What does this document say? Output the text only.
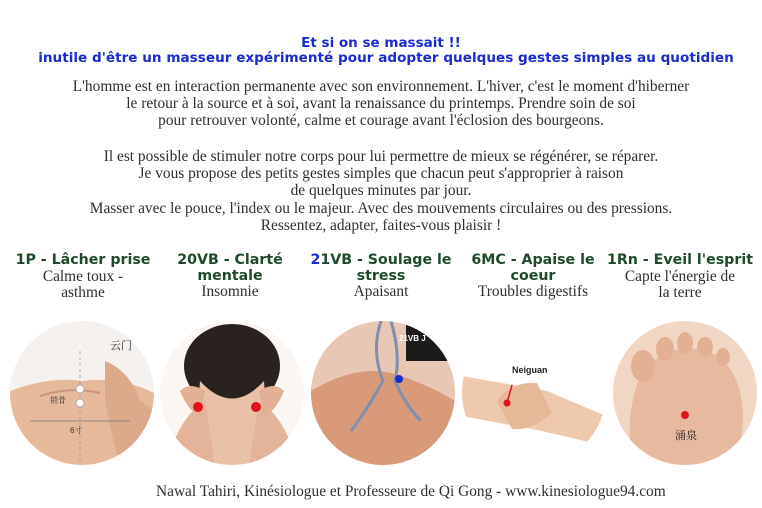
Et si on se massait !!
inutile d'être un masseur expérimenté pour adopter quelques gestes simples au quotidien
L'homme est en interaction permanente avec son environnement. L'hiver, c'est le moment d'hiberner
le retour à la source et à soi, avant la renaissance du printemps. Prendre soin de soi
pour retrouver volonté, calme et courage avant l'éclosion des bourgeons.
Il est possible de stimuler notre corps pour lui permettre de mieux se régénérer, se réparer.
Je vous propose des petits gestes simples que chacun peut s'approprier à raison
de quelques minutes par jour.
Masser avec le pouce, l'index ou le majeur. Avec des mouvements circulaires ou des pressions.
Ressentez, adapter, faites-vous plaisir !
1P - Lâcher prise
Calme toux -
asthme
20VB - Clarté
mentale
Insomnie
21VB - Soulage le
stress
Apaisant
6MC - Apaise le
coeur
Troubles digestifs
1Rn - Eveil l'esprit
Capte l'énergie de
la terre
云门
锁骨
6寸
21VB J
Neiguan
涌泉
Nawal Tahiri, Kinésiologue et Professeure de Qi Gong - www.kinesiologue94.com
